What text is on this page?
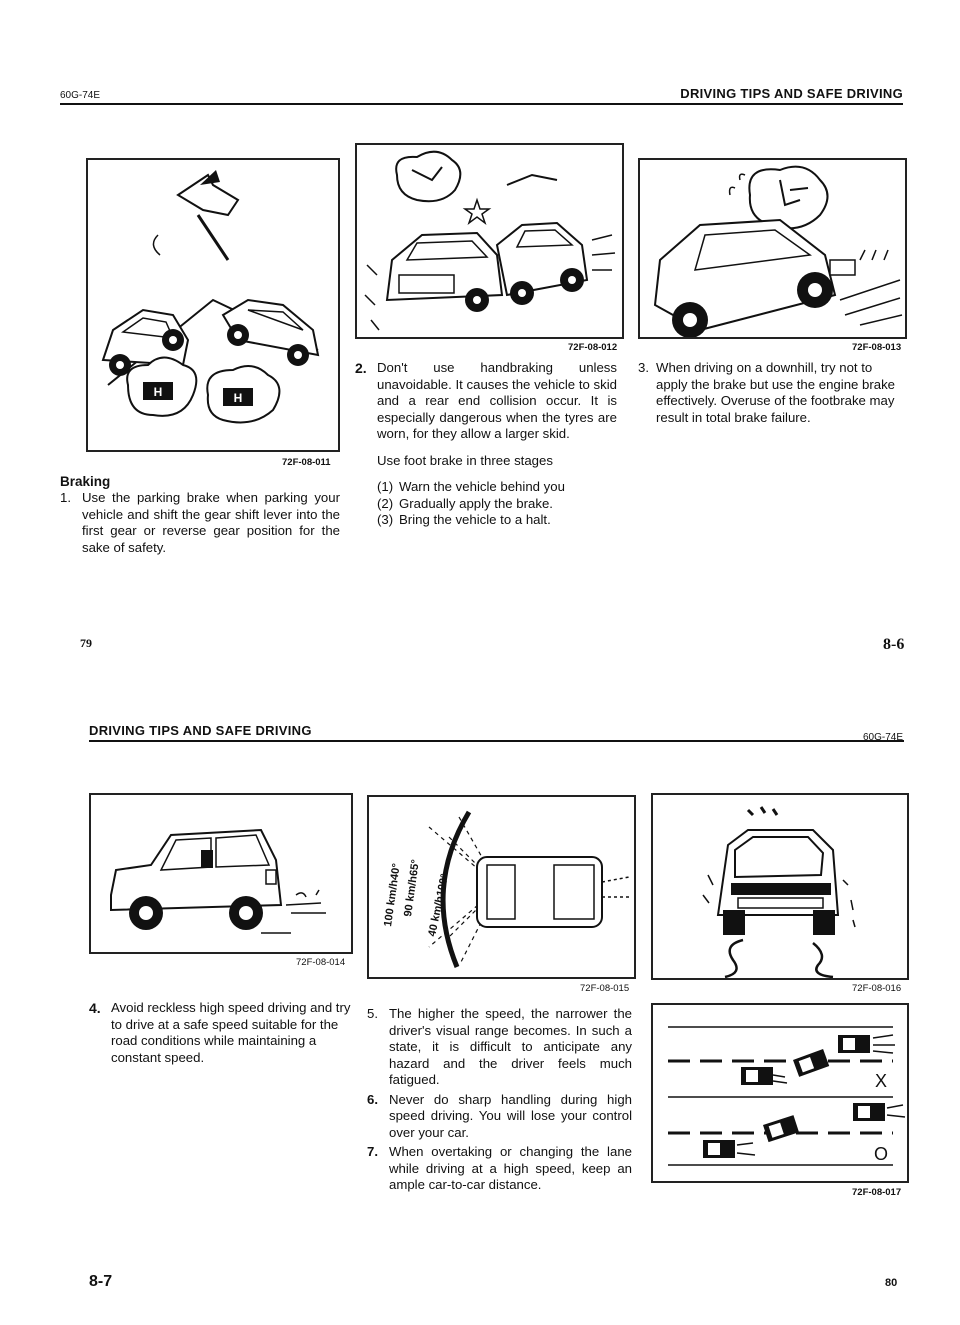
60G-74E	DRIVING TIPS AND SAFE DRIVING
H	H
72F-08-011
Braking
1. Use the parking brake when parking your vehicle and shift the gear shift lever into the first gear or reverse gear position for the sake of safety.
72F-08-012
2. Don't use handbraking unless unavoidable. It causes the vehicle to skid and a rear end collision occur. It is especially dangerous when the tyres are worn, for they allow a larger skid.
Use foot brake in three stages
(1) Warn the vehicle behind you
(2) Gradually apply the brake.
(3) Bring the vehicle to a halt.
72F-08-013
3. When driving on a downhill, try not to apply the brake but use the engine brake effectively. Overuse of the footbrake may result in total brake failure.
79	8-6
DRIVING TIPS AND SAFE DRIVING	60G-74E
72F-08-014
4. Avoid reckless high speed driving and try to drive at a safe speed suitable for the road conditions while maintaining a constant speed.
100 km/h40° 90 km/h65° 40 km/h100°
72F-08-015
5. The higher the speed, the narrower the driver's visual range becomes. In such a state, it is difficult to anticipate any hazard and the driver feels much fatigued.
6. Never do sharp handling during high speed driving. You will lose your control over your car.
7. When overtaking or changing the lane while driving at a high speed, keep an ample car-to-car distance.
72F-08-016
X
O
72F-08-017
8-7	80
